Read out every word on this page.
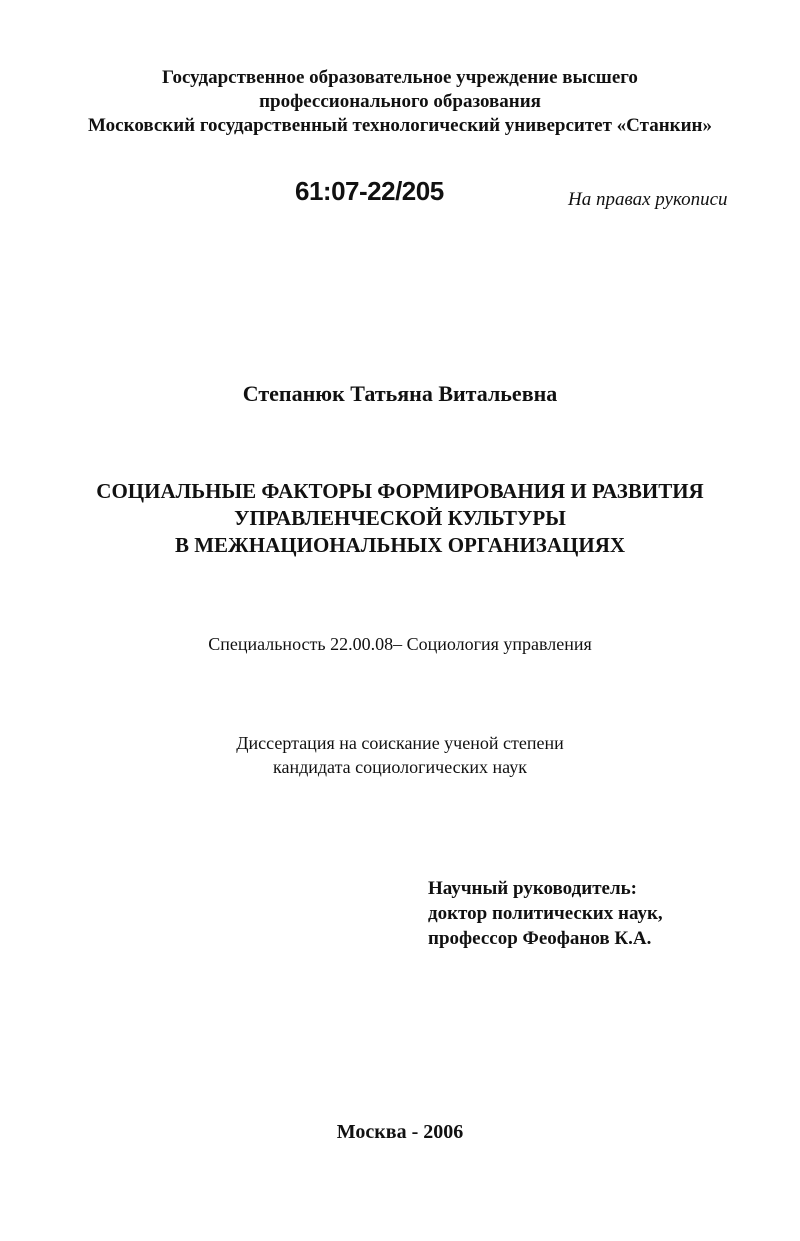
Государственное образовательное учреждение высшего
профессионального образования
Московский государственный технологический университет «Станкин»

61:07-22/205	На правах рукописи

Степанюк Татьяна Витальевна

СОЦИАЛЬНЫЕ ФАКТОРЫ ФОРМИРОВАНИЯ И РАЗВИТИЯ
УПРАВЛЕНЧЕСКОЙ КУЛЬТУРЫ
В МЕЖНАЦИОНАЛЬНЫХ ОРГАНИЗАЦИЯХ

Специальность 22.00.08– Социология управления

Диссертация на соискание ученой степени
кандидата социологических наук
Научный руководитель:
доктор политических наук,
профессор Феофанов К.А.

Москва - 2006
